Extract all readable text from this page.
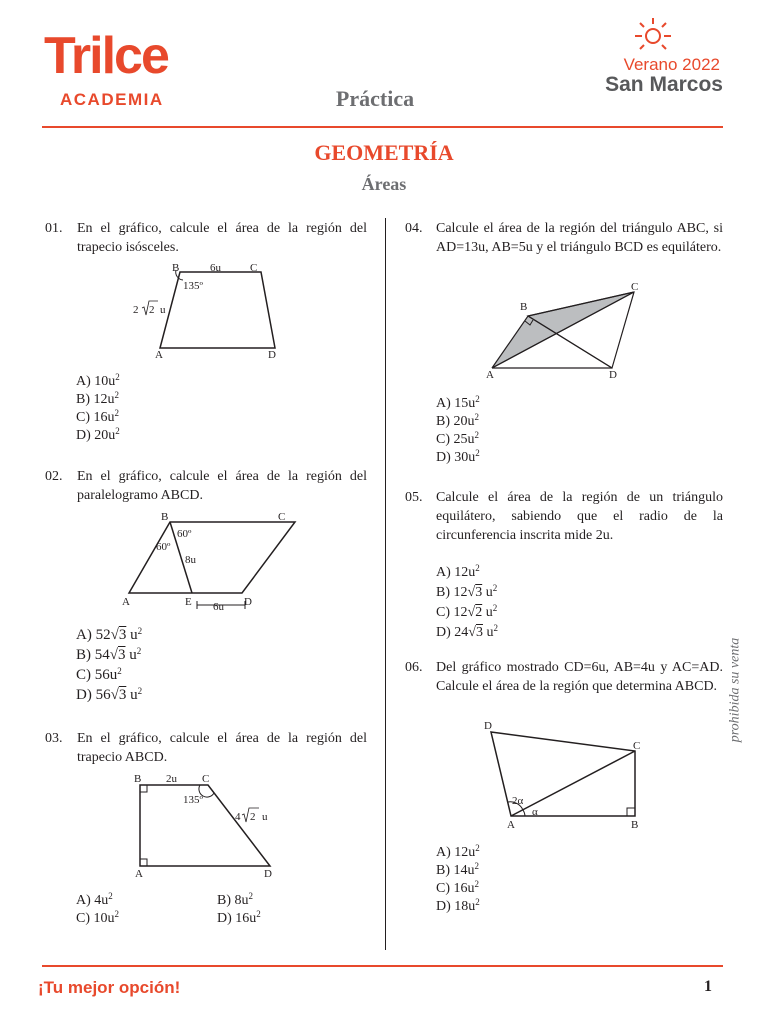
Trilce
ACADEMIA	Práctica
Verano 2022
San Marcos
GEOMETRÍA
Áreas
01. En el gráfico, calcule el área de la región del trapecio isósceles.
B	C
A	D
6u
135º
2 2 u
A) $10u^2$
B) $12u^2$
C) $16u^2$
D) $20u^2$
02. En el gráfico, calcule el área de la región del paralelogramo ABCD.
B	C
A	E	D
60º
60º
8u
6u
A) 52√3 $u^2$
B) 54√3 $u^2$
C) $56u^2$
D) 56√3 $u^2$
03. En el gráfico, calcule el área de la región del trapecio ABCD.
B	C
A	D
2u
135º
4 2 u
A) $4u^2$
C) $10u^2$
B) $8u^2$
D) $16u^2$
04. Calcule el área de la región del triángulo ABC, si AD=13u, AB=5u y el triángulo BCD es equilátero.
B
C
A	D
A) $15u^2$
B) $20u^2$
C) $25u^2$
D) $30u^2$
05. Calcule el área de la región de un triángulo equilátero, sabiendo que el radio de la circunferencia inscrita mide 2u.
A) $12u^2$
B) 12√3 $u^2$
C) 12√2 $u^2$
D) 24√3 $u^2$
06. Del gráfico mostrado CD=6u, AB=4u y AC=AD. Calcule el área de la región que determina ABCD.
D
C
A	B
2α
α
A) $12u^2$
B) $14u^2$
C) $16u^2$
D) $18u^2$
prohibida su venta
¡Tu mejor opción!	1
